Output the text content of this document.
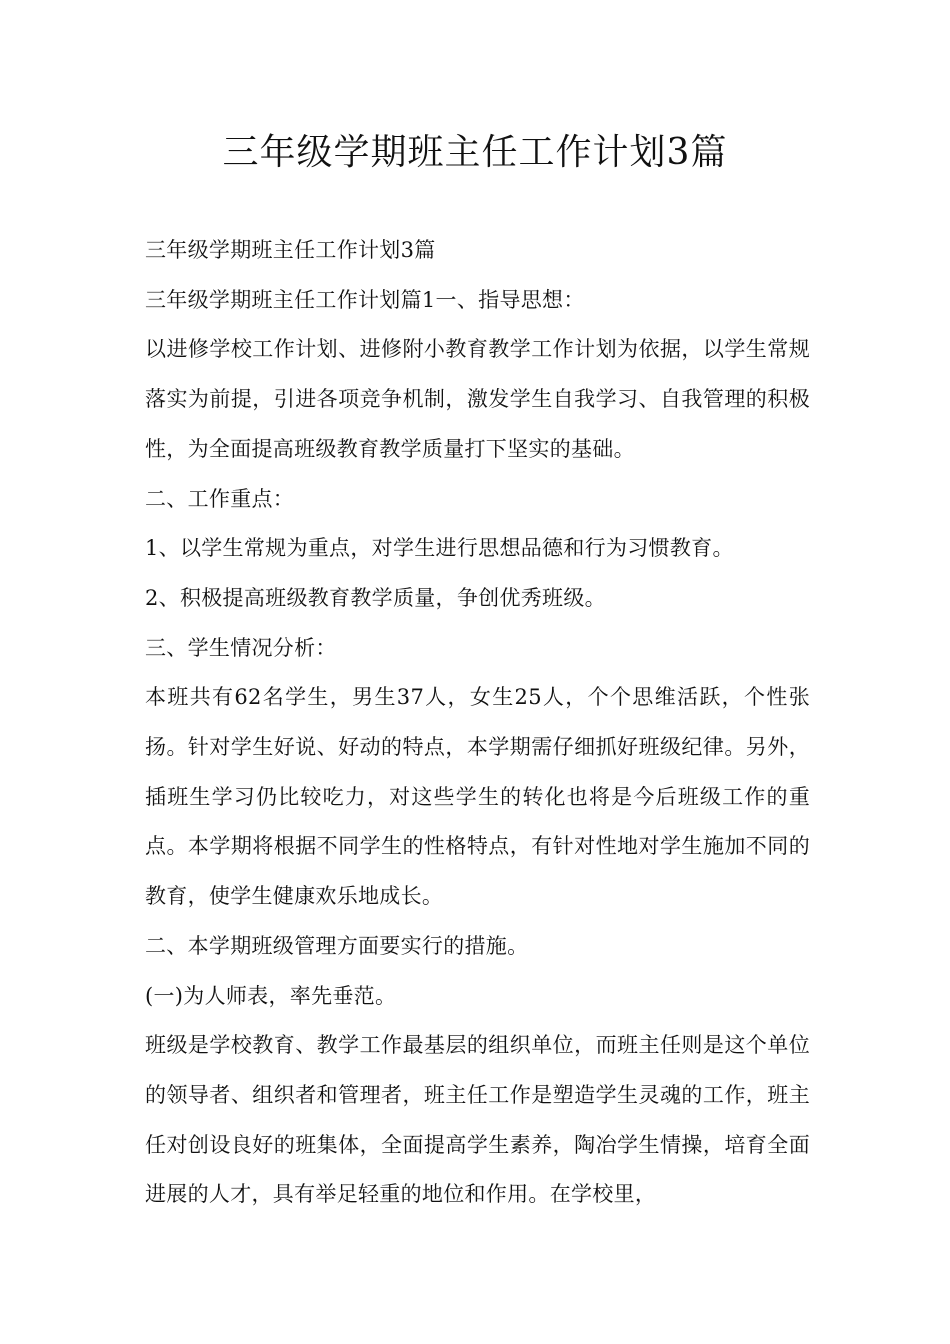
三年级学期班主任工作计划3篇

三年级学期班主任工作计划3篇

三年级学期班主任工作计划篇1一、指导思想：

以进修学校工作计划、进修附小教育教学工作计划为依据，以学生常规落实为前提，引进各项竞争机制，激发学生自我学习、自我管理的积极性，为全面提高班级教育教学质量打下坚实的基础。

二、工作重点：

1、以学生常规为重点，对学生进行思想品德和行为习惯教育。

2、积极提高班级教育教学质量，争创优秀班级。

三、学生情况分析：

本班共有62名学生，男生37人，女生25人，个个思维活跃，个性张扬。针对学生好说、好动的特点，本学期需仔细抓好班级纪律。另外，插班生学习仍比较吃力，对这些学生的转化也将是今后班级工作的重点。本学期将根据不同学生的性格特点，有针对性地对学生施加不同的教育，使学生健康欢乐地成长。

二、本学期班级管理方面要实行的措施。

(一)为人师表，率先垂范。

班级是学校教育、教学工作最基层的组织单位，而班主任则是这个单位的领导者、组织者和管理者，班主任工作是塑造学生灵魂的工作，班主任对创设良好的班集体，全面提高学生素养，陶冶学生情操，培育全面进展的人才，具有举足轻重的地位和作用。在学校里，
